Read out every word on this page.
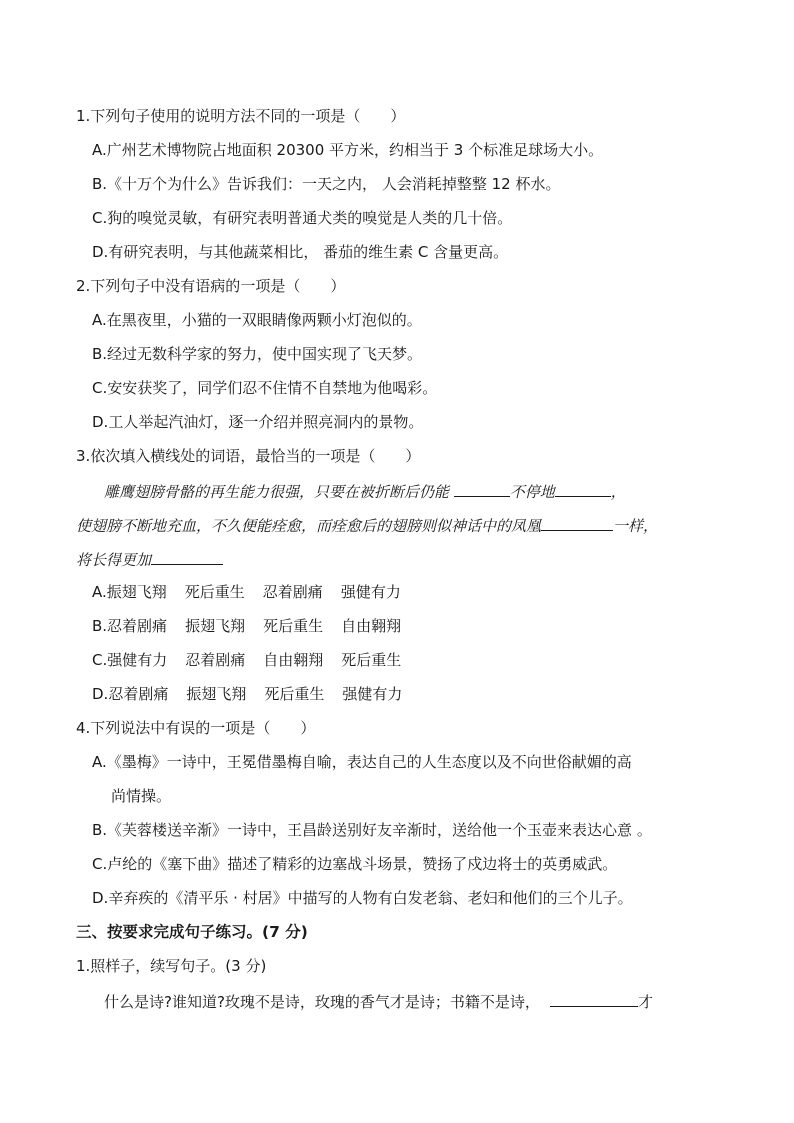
1.下列句子使用的说明方法不同的一项是（　　）
A.广州艺术博物院占地面积 20300 平方米，约相当于 3 个标准足球场大小。
B.《十万个为什么》告诉我们：一天之内， 人会消耗掉整整 12 杯水。
C.狗的嗅觉灵敏，有研究表明普通犬类的嗅觉是人类的几十倍。
D.有研究表明，与其他蔬菜相比， 番茄的维生素 C 含量更高。
2.下列句子中没有语病的一项是（　　）
A.在黑夜里，小猫的一双眼睛像两颗小灯泡似的。
B.经过无数科学家的努力，使中国实现了飞天梦。
C.安安获奖了，同学们忍不住情不自禁地为他喝彩。
D.工人举起汽油灯，逐一介绍并照亮洞内的景物。
3.依次填入横线处的词语，最恰当的一项是（　　）
雕鹰翅膀骨骼的再生能力很强，只要在被折断后仍能	不停地	，
使翅膀不断地充血，不久便能痊愈，而痊愈后的翅膀则似神话中的凤凰	一样，
将长得更加
A.振翅飞翔 死后重生 忍着剧痛 强健有力
B.忍着剧痛 振翅飞翔 死后重生 自由翱翔
C.强健有力 忍着剧痛 自由翱翔 死后重生
D.忍着剧痛 振翅飞翔 死后重生 强健有力
4.下列说法中有误的一项是（　　）
A.《墨梅》一诗中，王冕借墨梅自喻，表达自己的人生态度以及不向世俗献媚的高
尚情操。
B.《芙蓉楼送辛渐》一诗中，王昌龄送别好友辛渐时，送给他一个玉壶来表达心意 。
C.卢纶的《塞下曲》描述了精彩的边塞战斗场景，赞扬了戍边将士的英勇威武。
D.辛弃疾的《清平乐 · 村居》中描写的人物有白发老翁、老妇和他们的三个儿子。
三、按要求完成句子练习。(7 分)
1.照样子，续写句子。(3 分)
什么是诗?谁知道?玫瑰不是诗，玫瑰的香气才是诗；书籍不是诗，	才
